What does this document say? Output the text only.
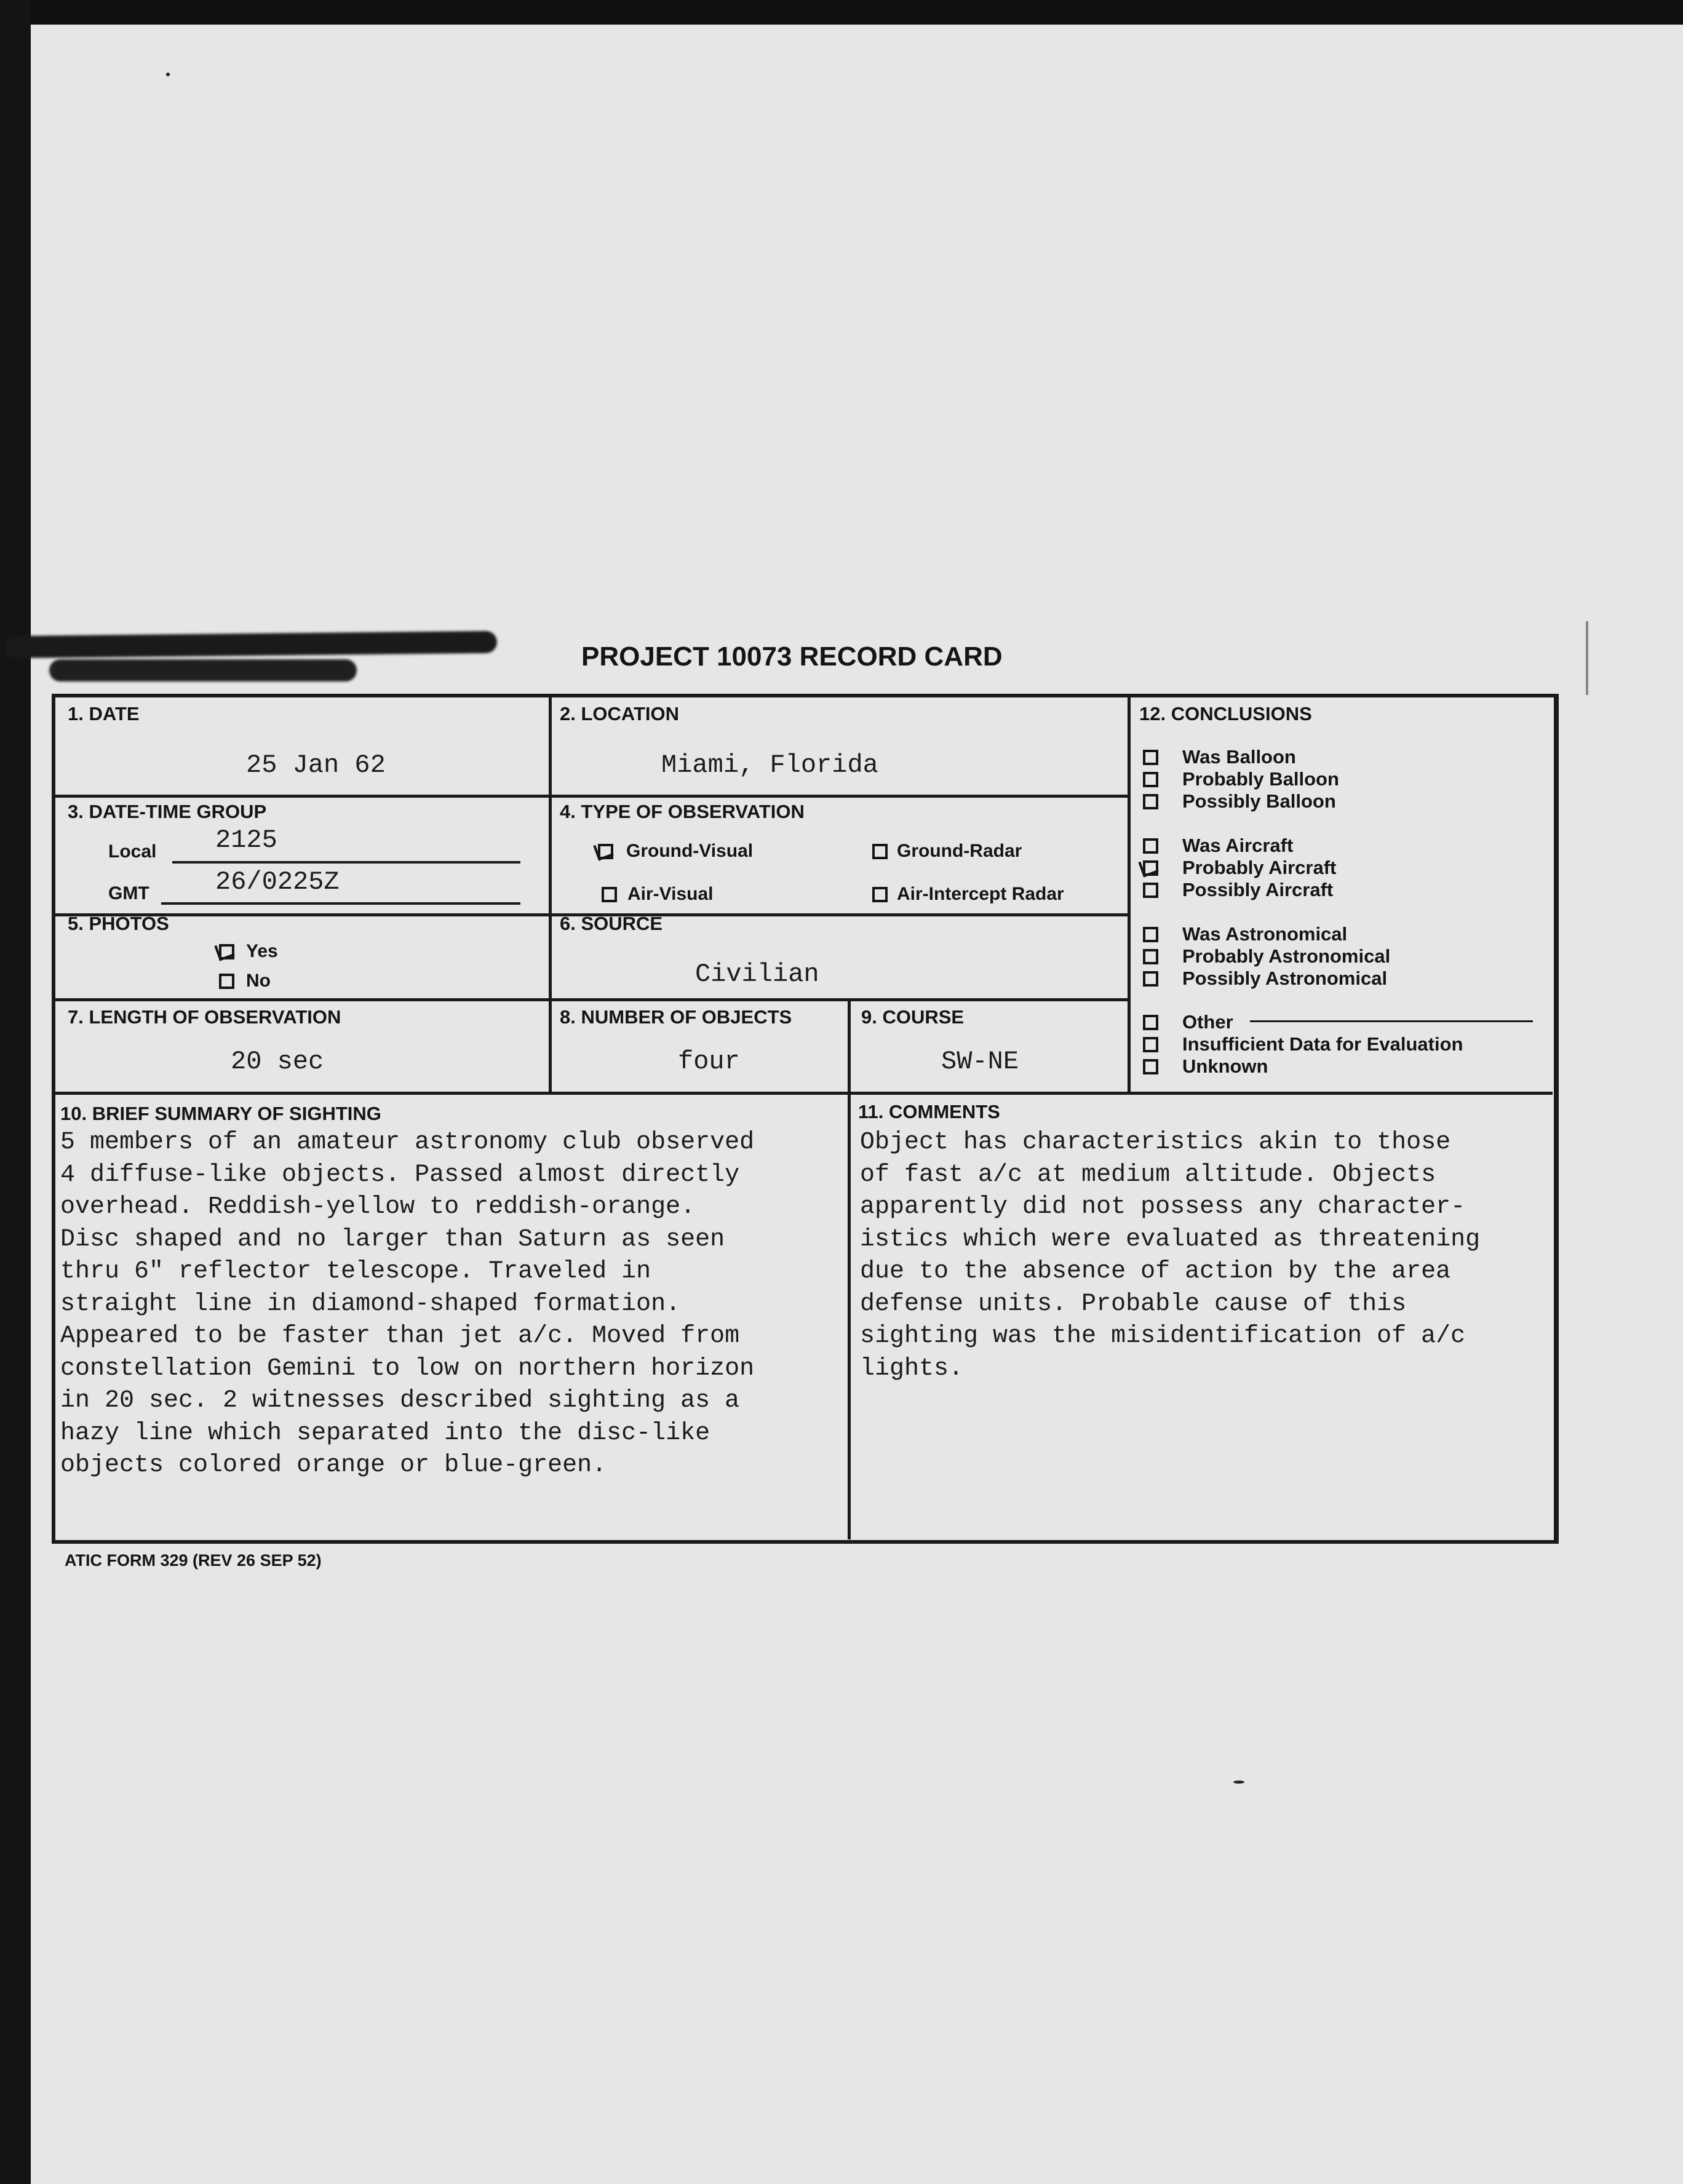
PROJECT 10073 RECORD CARD
1. DATE
25 Jan 62
2. LOCATION
Miami, Florida
3. DATE-TIME GROUP
Local 2125
GMT	26/0225Z
4. TYPE OF OBSERVATION
Ground-Visual	Ground-Radar
Air-Visual	Air-Intercept Radar
5. PHOTOS
Yes
No
6. SOURCE
Civilian
7. LENGTH OF OBSERVATION
20 sec
8. NUMBER OF OBJECTS
four
9. COURSE
SW-NE
12. CONCLUSIONS
Was Balloon
Probably Balloon
Possibly Balloon
Was Aircraft
Probably Aircraft
Possibly Aircraft
Was Astronomical
Probably Astronomical
Possibly Astronomical
Other
Insufficient Data for Evaluation
Unknown
10. BRIEF SUMMARY OF SIGHTING
5 members of an amateur astronomy club observed
4 diffuse-like objects. Passed almost directly
overhead. Reddish-yellow to reddish-orange.
Disc shaped and no larger than Saturn as seen
thru 6" reflector telescope. Traveled in
straight line in diamond-shaped formation.
Appeared to be faster than jet a/c. Moved from
constellation Gemini to low on northern horizon
in 20 sec. 2 witnesses described sighting as a
hazy line which separated into the disc-like
objects colored orange or blue-green.
11. COMMENTS
Object has characteristics akin to those
of fast a/c at medium altitude. Objects
apparently did not possess any character-
istics which were evaluated as threatening
due to the absence of action by the area
defense units. Probable cause of this
sighting was the misidentification of a/c
lights.
ATIC FORM 329 (REV 26 SEP 52)
